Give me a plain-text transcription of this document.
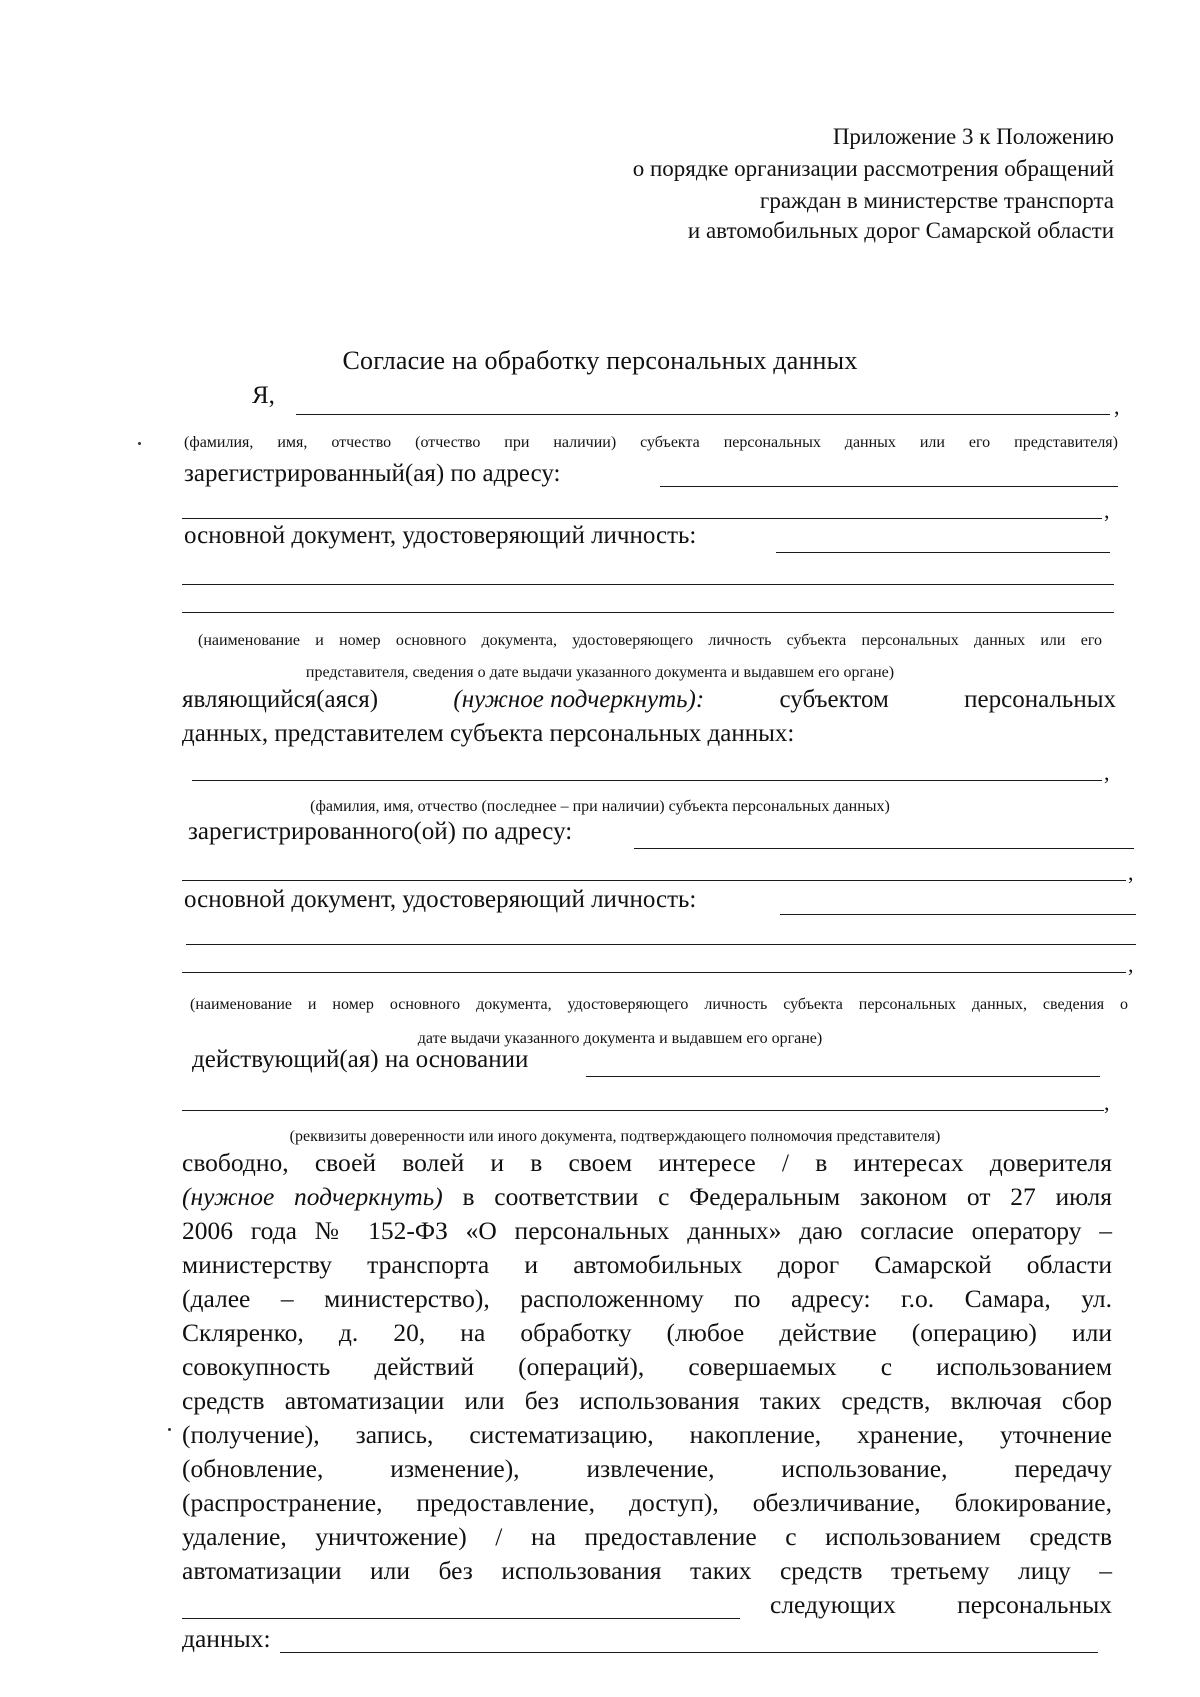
Приложение 3 к Положению
о порядке организации рассмотрения обращений
граждан в министерстве транспорта
и автомобильных дорог Самарской области
Согласие на обработку персональных данных
Я,	,
(фамилия, имя, отчество (отчество при наличии) субъекта персональных данных или его представителя)
зарегистрированный(ая) по адресу:
,
основной документ, удостоверяющий личность:
(наименование и номер основного документа, удостоверяющего личность субъекта персональных данных или его
представителя, сведения о дате выдачи указанного документа и выдавшем его органе)
являющийся(аяся)	(нужное подчеркнуть):	субъектом	персональных
данных, представителем субъекта персональных данных:
,
(фамилия, имя, отчество (последнее – при наличии) субъекта персональных данных)
зарегистрированного(ой) по адресу:
,
основной документ, удостоверяющий личность:
,
(наименование и номер основного документа, удостоверяющего личность субъекта персональных данных, сведения о
дате выдачи указанного документа и выдавшем его органе)
действующий(ая) на основании
,
(реквизиты доверенности или иного документа, подтверждающего полномочия представителя)
свободно, своей волей и в своем интересе / в интересах доверителя
(нужное подчеркнуть) в соответствии с Федеральным законом от 27 июля
2006 года № 152-ФЗ «О персональных данных» даю согласие оператору –
министерству транспорта и автомобильных дорог Самарской области
(далее – министерство), расположенному по адресу: г.о. Самара, ул.
Скляренко, д. 20, на обработку (любое действие (операцию) или
совокупность действий (операций), совершаемых с использованием
средств автоматизации или без использования таких средств, включая сбор
(получение), запись, систематизацию, накопление, хранение, уточнение
(обновление, изменение), извлечение, использование, передачу
(распространение, предоставление, доступ), обезличивание, блокирование,
удаление, уничтожение) / на предоставление с использованием средств
автоматизации или без использования таких средств третьему лицу –
следующих персональных
данных:
